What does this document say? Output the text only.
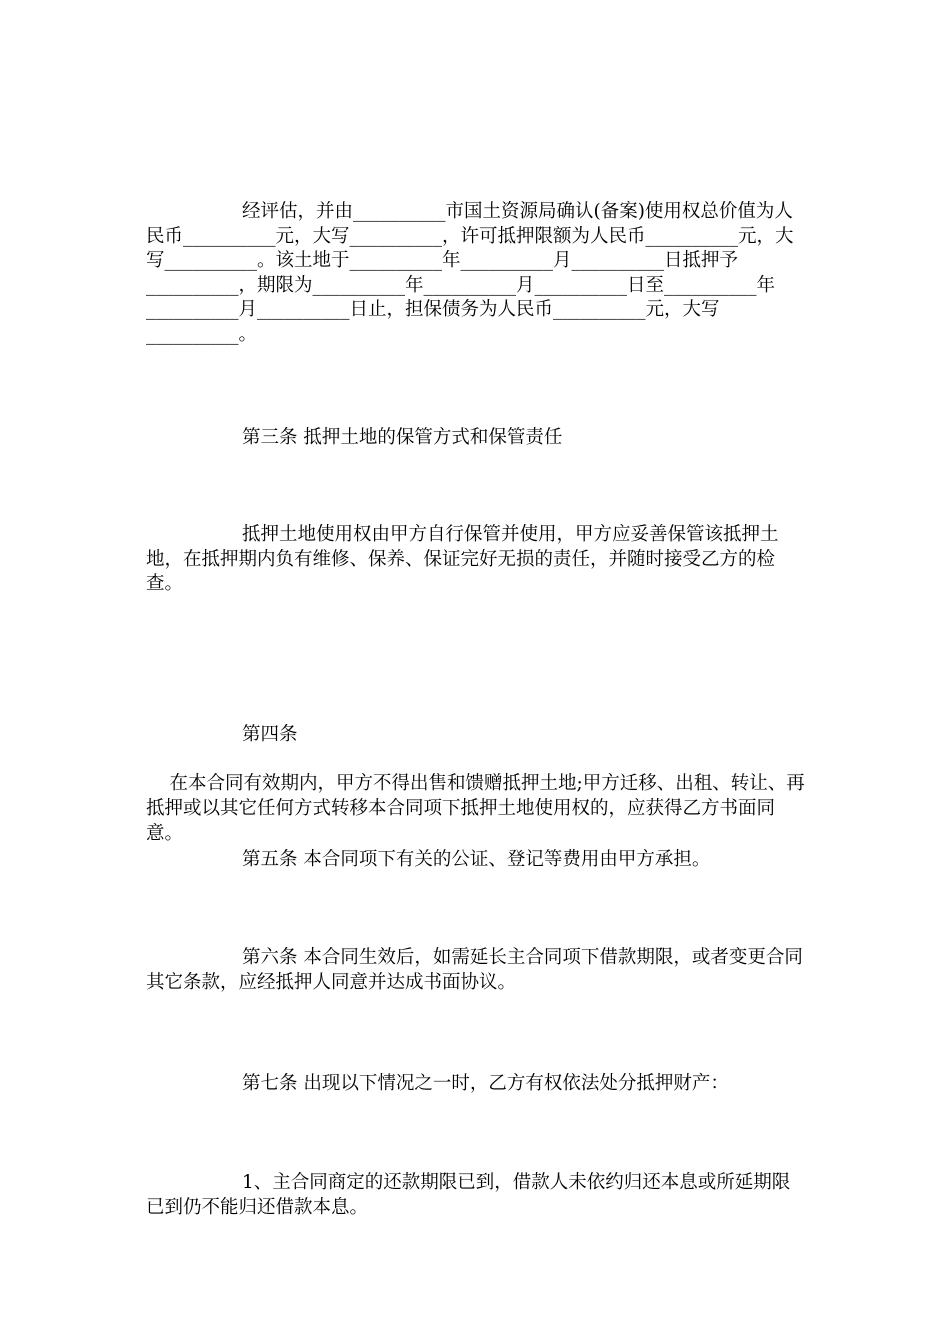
经评估，并由__________市国土资源局确认(备案)使用权总价值为人民币__________元，大写__________，许可抵押限额为人民币__________元，大写__________。该土地于__________年__________月__________日抵押予__________，期限为__________年__________月__________日至__________年__________月__________日止，担保债务为人民币__________元，大写__________。

第三条 抵押土地的保管方式和保管责任

抵押土地使用权由甲方自行保管并使用，甲方应妥善保管该抵押土地，在抵押期内负有维修、保养、保证完好无损的责任，并随时接受乙方的检查。

第四条

在本合同有效期内，甲方不得出售和馈赠抵押土地;甲方迁移、出租、转让、再抵押或以其它任何方式转移本合同项下抵押土地使用权的，应获得乙方书面同意。

第五条 本合同项下有关的公证、登记等费用由甲方承担。

第六条 本合同生效后，如需延长主合同项下借款期限，或者变更合同其它条款，应经抵押人同意并达成书面协议。

第七条 出现以下情况之一时，乙方有权依法处分抵押财产：

1、主合同商定的还款期限已到，借款人未依约归还本息或所延期限已到仍不能归还借款本息。
